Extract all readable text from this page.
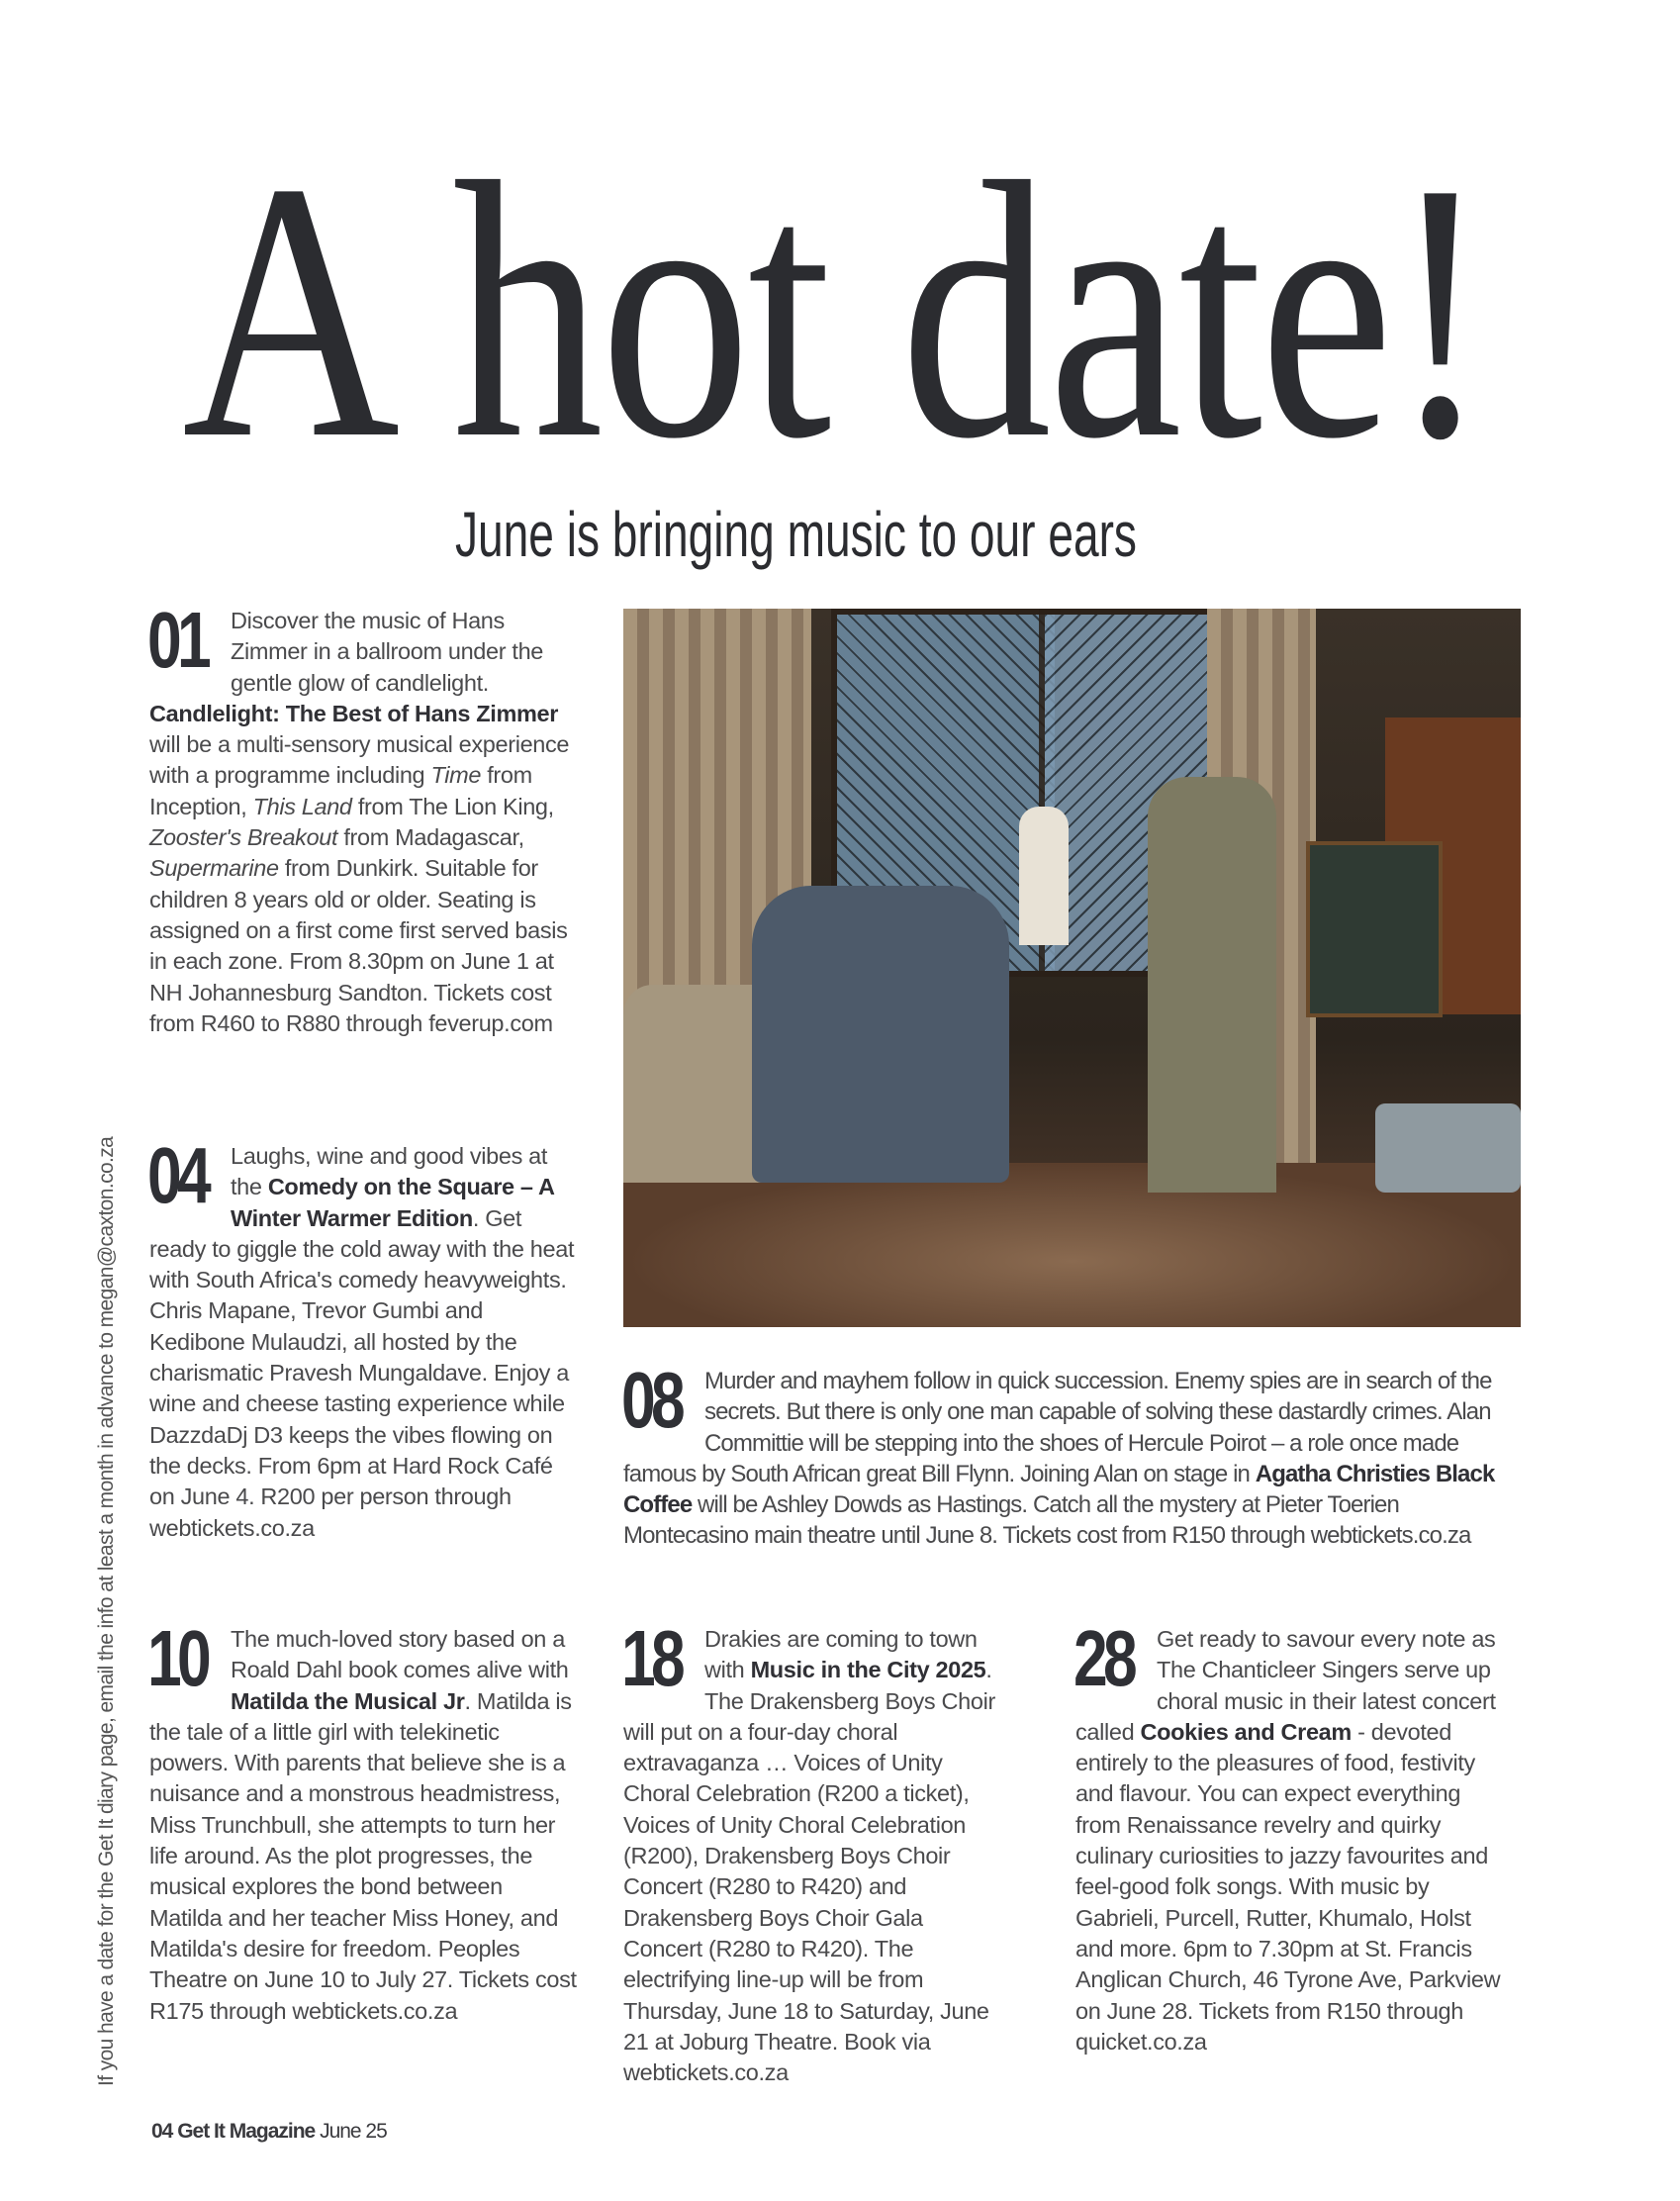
A hot date!
June is bringing music to our ears
01 Discover the music of Hans Zimmer in a ballroom under the gentle glow of candlelight. Candlelight: The Best of Hans Zimmer will be a multi-sensory musical experience with a programme including Time from Inception, This Land from The Lion King, Zooster's Breakout from Madagascar, Supermarine from Dunkirk. Suitable for children 8 years old or older. Seating is assigned on a first come first served basis in each zone. From 8.30pm on June 1 at NH Johannesburg Sandton. Tickets cost from R460 to R880 through feverup.com
04 Laughs, wine and good vibes at the Comedy on the Square – A Winter Warmer Edition. Get ready to giggle the cold away with the heat with South Africa's comedy heavyweights. Chris Mapane, Trevor Gumbi and Kedibone Mulaudzi, all hosted by the charismatic Pravesh Mungaldave. Enjoy a wine and cheese tasting experience while DazzdaDj D3 keeps the vibes flowing on the decks. From 6pm at Hard Rock Café on June 4. R200 per person through webtickets.co.za
08 Murder and mayhem follow in quick succession. Enemy spies are in search of the secrets. But there is only one man capable of solving these dastardly crimes. Alan Committie will be stepping into the shoes of Hercule Poirot – a role once made famous by South African great Bill Flynn. Joining Alan on stage in Agatha Christies Black Coffee will be Ashley Dowds as Hastings. Catch all the mystery at Pieter Toerien Montecasino main theatre until June 8. Tickets cost from R150 through webtickets.co.za
10 The much-loved story based on a Roald Dahl book comes alive with Matilda the Musical Jr. Matilda is the tale of a little girl with telekinetic powers. With parents that believe she is a nuisance and a monstrous headmistress, Miss Trunchbull, she attempts to turn her life around. As the plot progresses, the musical explores the bond between Matilda and her teacher Miss Honey, and Matilda's desire for freedom. Peoples Theatre on June 10 to July 27. Tickets cost R175 through webtickets.co.za
18 Drakies are coming to town with Music in the City 2025. The Drakensberg Boys Choir will put on a four-day choral extravaganza … Voices of Unity Choral Celebration (R200 a ticket), Voices of Unity Choral Celebration (R200), Drakensberg Boys Choir Concert (R280 to R420) and Drakensberg Boys Choir Gala Concert (R280 to R420). The electrifying line-up will be from Thursday, June 18 to Saturday, June 21 at Joburg Theatre. Book via webtickets.co.za
28 Get ready to savour every note as The Chanticleer Singers serve up choral music in their latest concert called Cookies and Cream - devoted entirely to the pleasures of food, festivity and flavour. You can expect everything from Renaissance revelry and quirky culinary curiosities to jazzy favourites and feel-good folk songs. With music by Gabrieli, Purcell, Rutter, Khumalo, Holst and more. 6pm to 7.30pm at St. Francis Anglican Church, 46 Tyrone Ave, Parkview on June 28. Tickets from R150 through quicket.co.za
If you have a date for the Get It diary page, email the info at least a month in advance to megan@caxton.co.za
04 Get It Magazine June 25
